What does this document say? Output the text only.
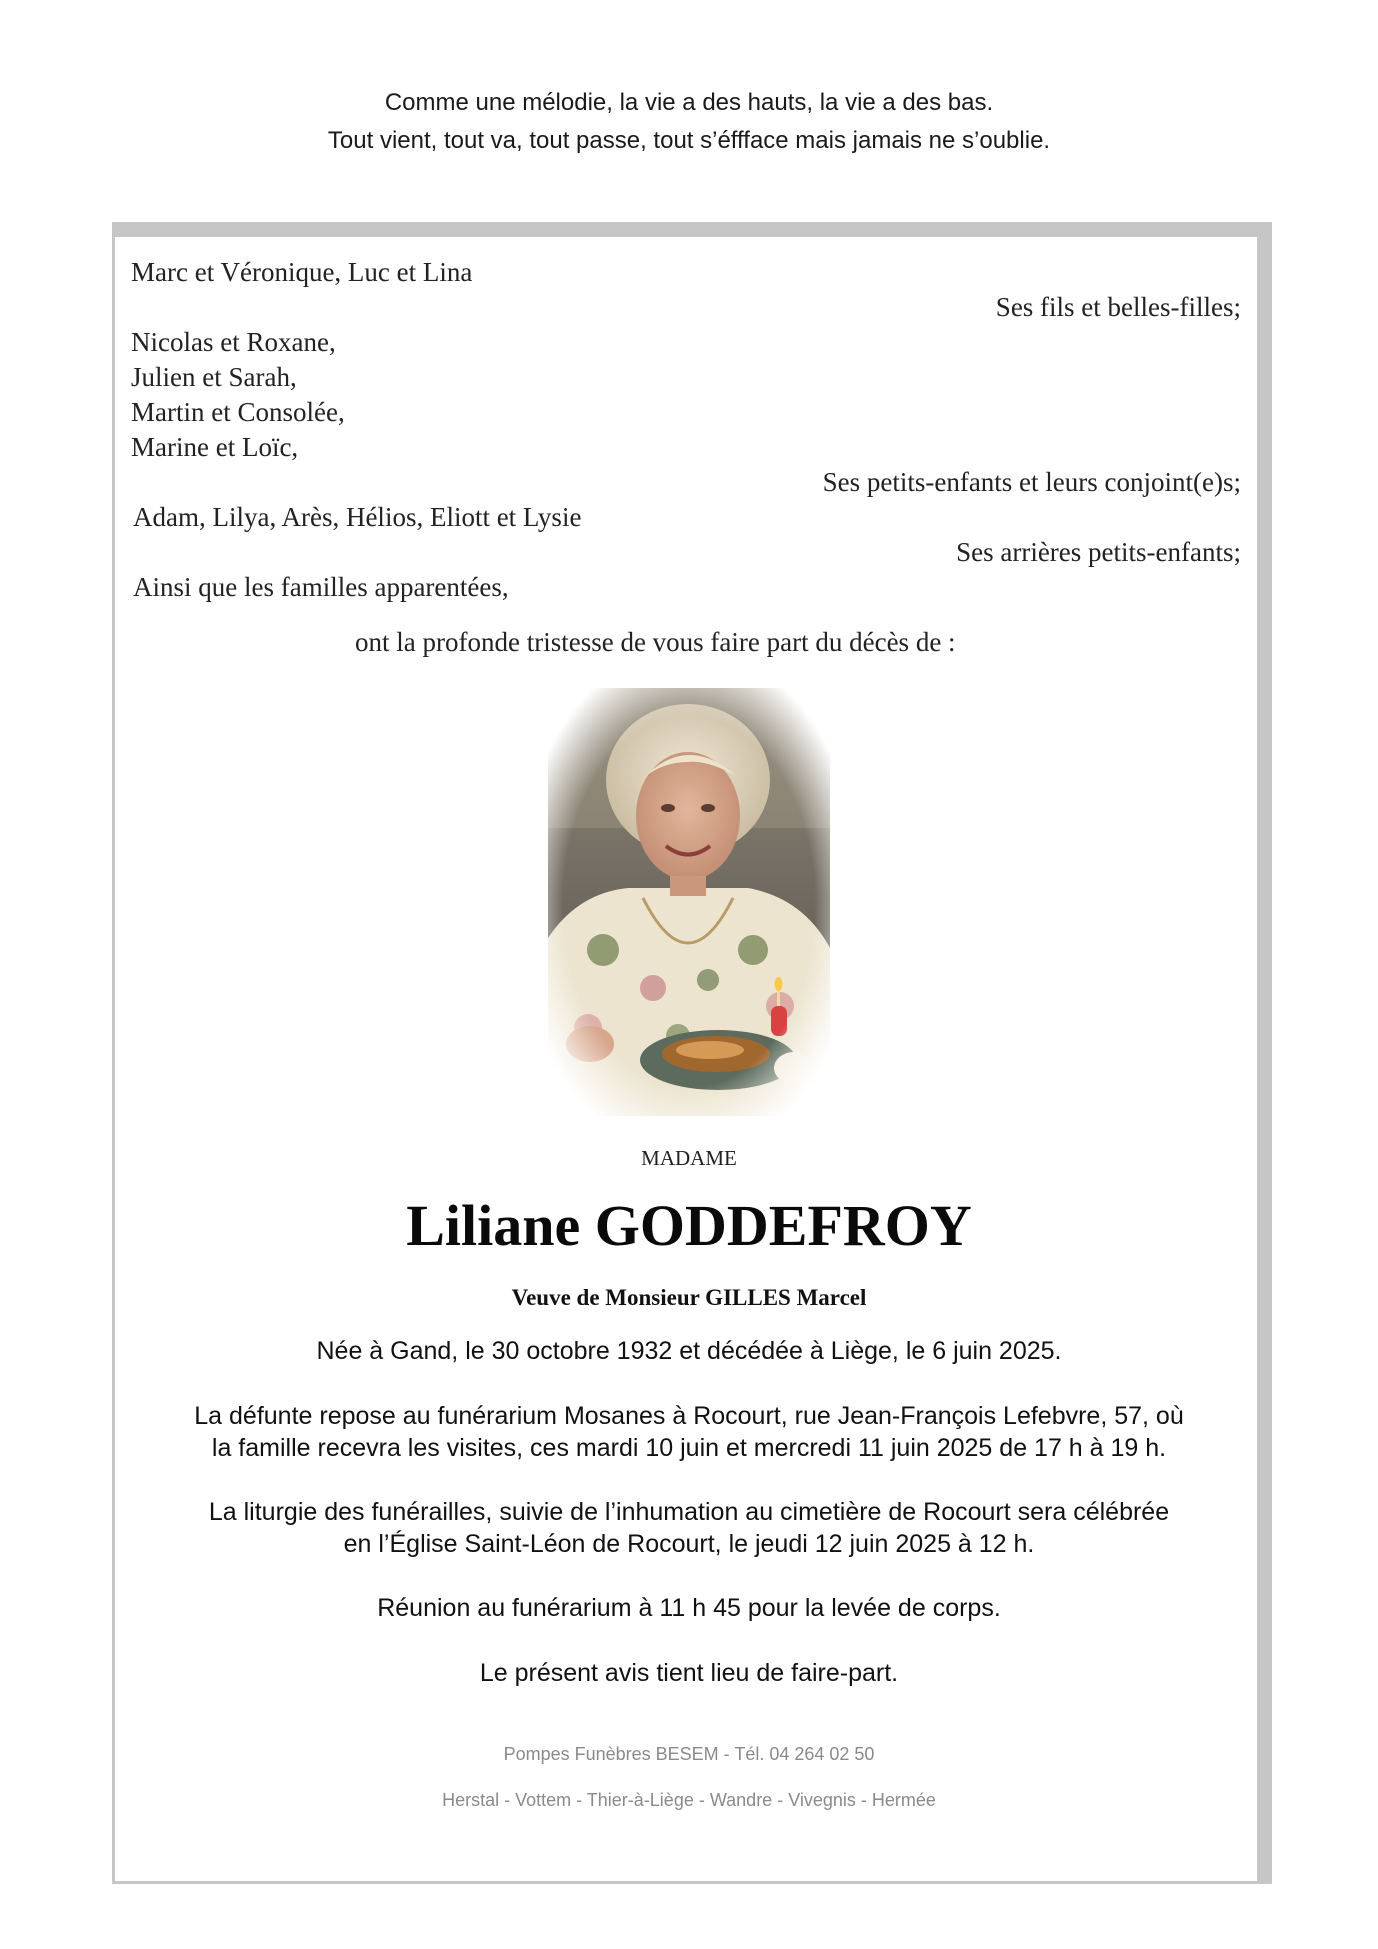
Comme une mélodie, la vie a des hauts, la vie a des bas.
Tout vient, tout va, tout passe, tout s’éffface mais jamais ne s’oublie.
Marc et Véronique, Luc et Lina
Ses fils et belles-filles;
Nicolas et Roxane,
Julien et Sarah,
Martin et Consolée,
Marine et Loïc,
Ses petits-enfants et leurs conjoint(e)s;
Adam, Lilya, Arès, Hélios, Eliott et Lysie
Ses arrières petits-enfants;
Ainsi que les familles apparentées,
ont la profonde tristesse de vous faire part du décès de :
MADAME
Liliane GODDEFROY
Veuve de Monsieur GILLES Marcel
Née à Gand, le 30 octobre 1932 et décédée à Liège, le 6 juin 2025.
La défunte repose au funérarium Mosanes à Rocourt, rue Jean-François Lefebvre, 57, où
la famille recevra les visites, ces mardi 10 juin et mercredi 11 juin 2025 de 17 h à 19 h.
La liturgie des funérailles, suivie de l’inhumation au cimetière de Rocourt sera célébrée
en l’Église Saint-Léon de Rocourt, le jeudi 12 juin 2025 à 12 h.
Réunion au funérarium à 11 h 45 pour la levée de corps.
Le présent avis tient lieu de faire-part.
Pompes Funèbres BESEM - Tél. 04 264 02 50
Herstal - Vottem - Thier-à-Liège - Wandre - Vivegnis - Hermée
